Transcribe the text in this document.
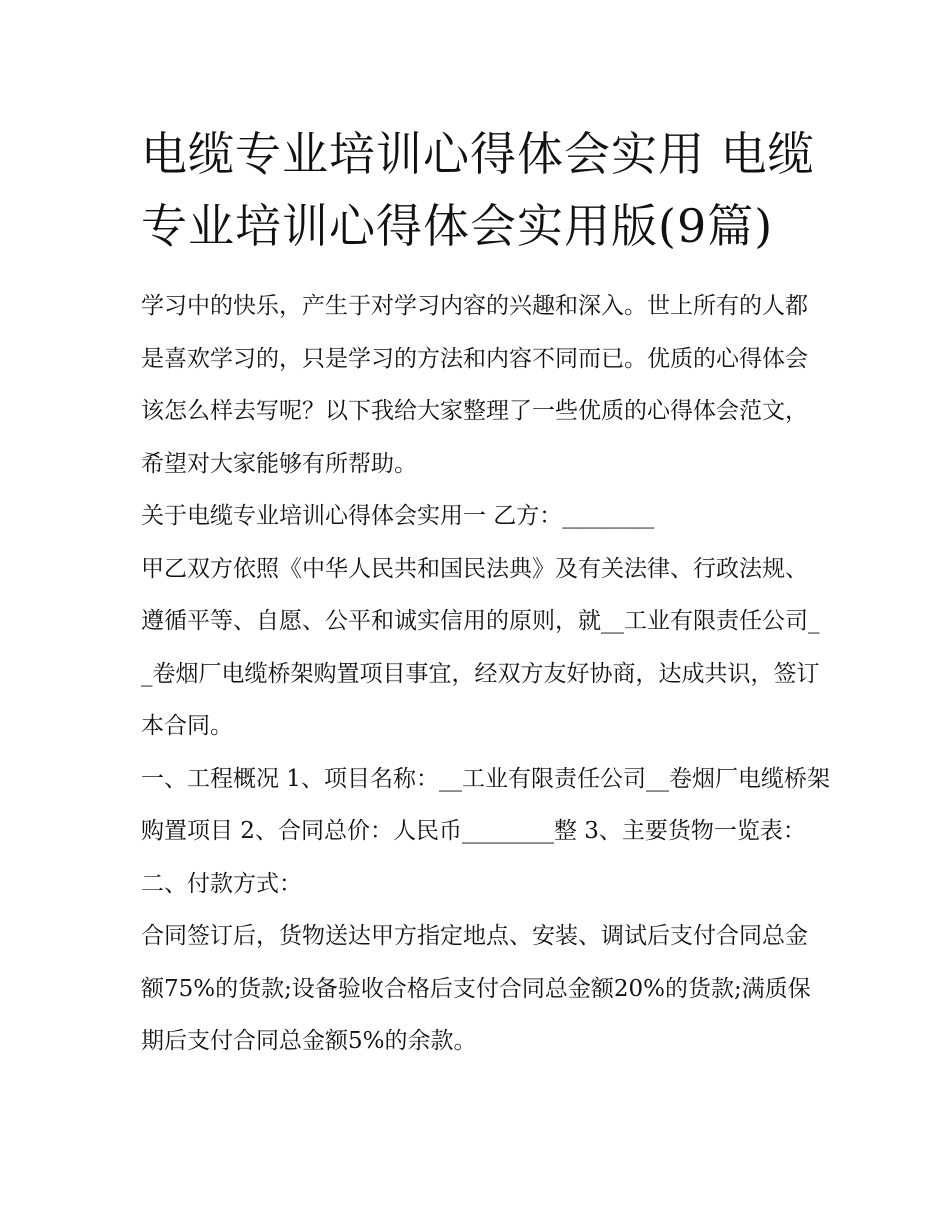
电缆专业培训心得体会实用 电缆专业培训心得体会实用版(9篇)

学习中的快乐，产生于对学习内容的兴趣和深入。世上所有的人都是喜欢学习的，只是学习的方法和内容不同而已。优质的心得体会该怎么样去写呢？以下我给大家整理了一些优质的心得体会范文，希望对大家能够有所帮助。

关于电缆专业培训心得体会实用一 乙方：________

甲乙双方依照《中华人民共和国民法典》及有关法律、行政法规、遵循平等、自愿、公平和诚实信用的原则，就__工业有限责任公司__卷烟厂电缆桥架购置项目事宜，经双方友好协商，达成共识，签订本合同。

一、工程概况 1、项目名称：__工业有限责任公司__卷烟厂电缆桥架购置项目 2、合同总价：人民币________整 3、主要货物一览表： 二、付款方式：

合同签订后，货物送达甲方指定地点、安装、调试后支付合同总金额75%的货款;设备验收合格后支付合同总金额20%的货款;满质保期后支付合同总金额5%的余款。
